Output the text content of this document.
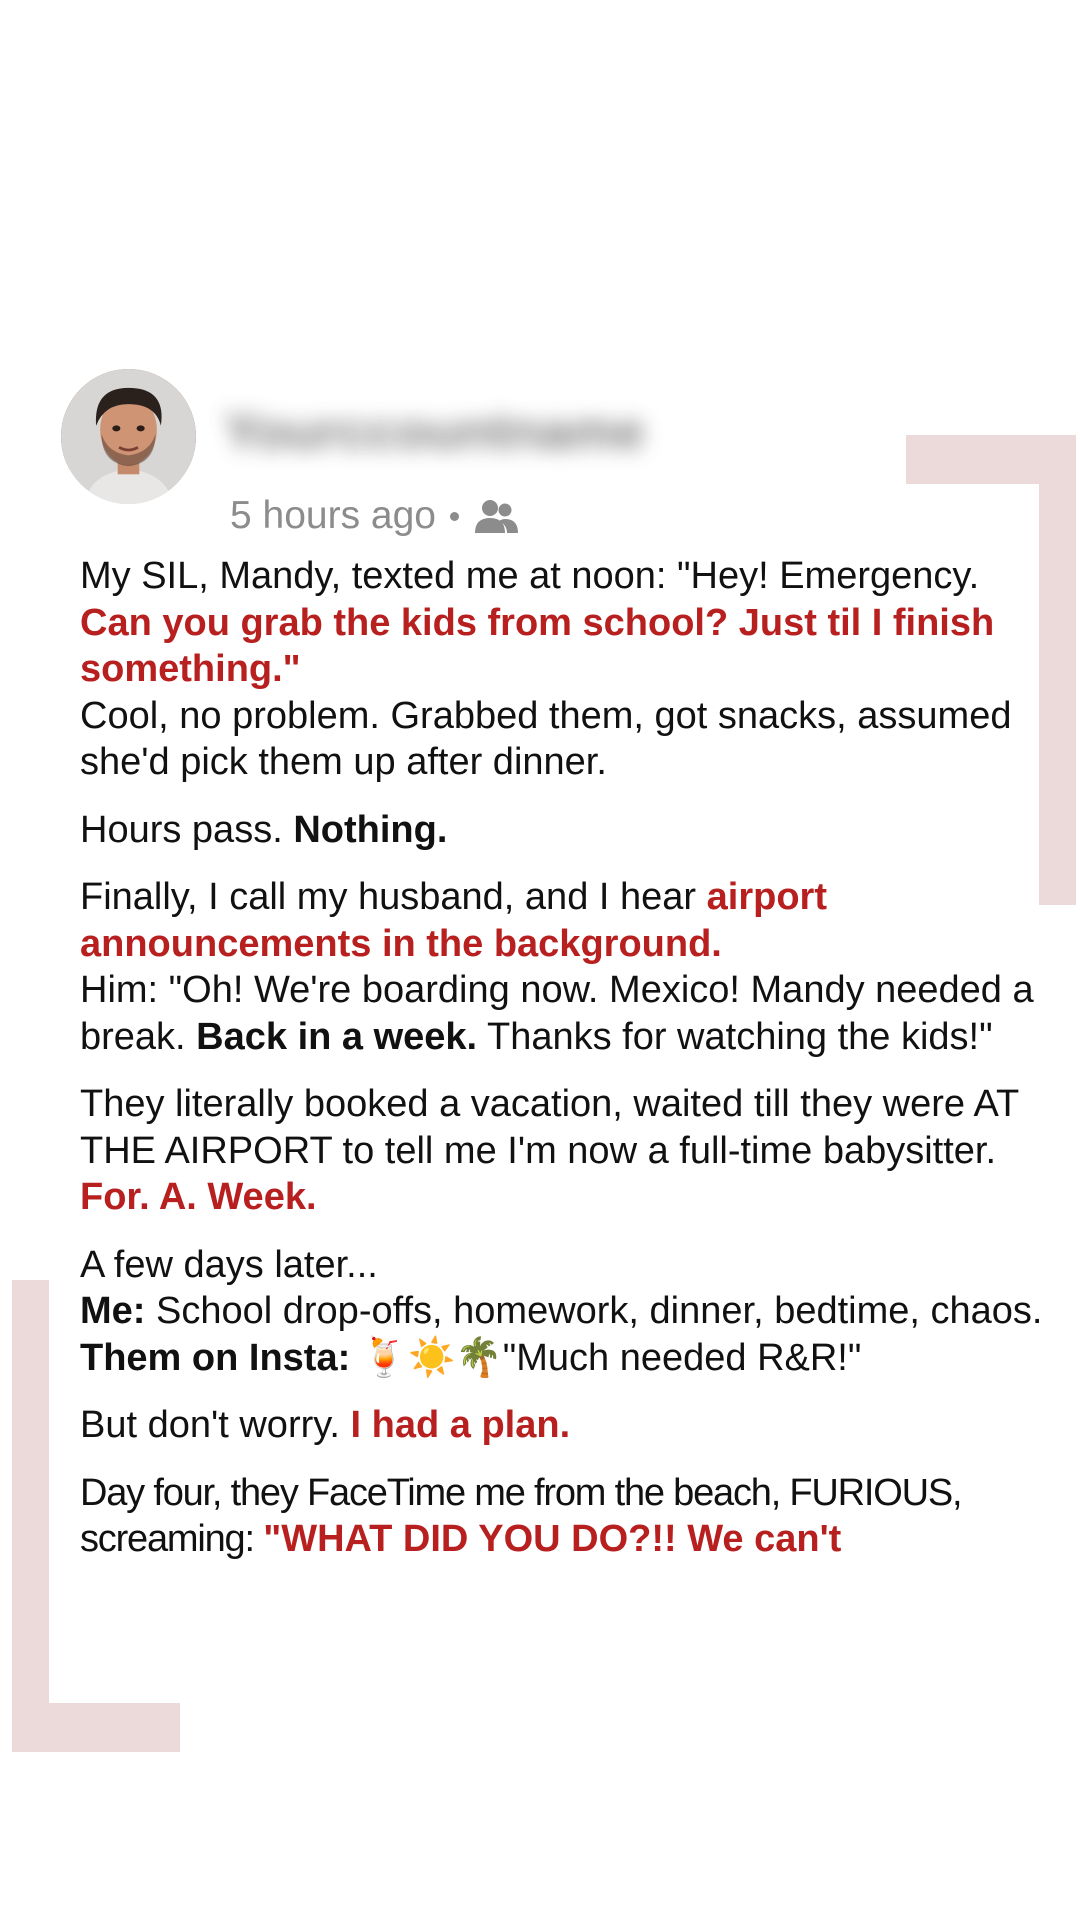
Yourccountname
5 hours ago

My SIL, Mandy, texted me at noon: "Hey! Emergency. Can you grab the kids from school? Just til I finish something."
Cool, no problem. Grabbed them, got snacks, assumed she'd pick them up after dinner.

Hours pass. Nothing.

Finally, I call my husband, and I hear airport announcements in the background.
Him: "Oh! We're boarding now. Mexico! Mandy needed a break. Back in a week. Thanks for watching the kids!"

They literally booked a vacation, waited till they were AT THE AIRPORT to tell me I'm now a full-time babysitter. For. A. Week.

A few days later...
Me: School drop-offs, homework, dinner, bedtime, chaos.
Them on Insta: 🍹☀️🌴"Much needed R&R!"

But don't worry. I had a plan.

Day four, they FaceTime me from the beach, FURIOUS, screaming: "WHAT DID YOU DO?!! We can't
